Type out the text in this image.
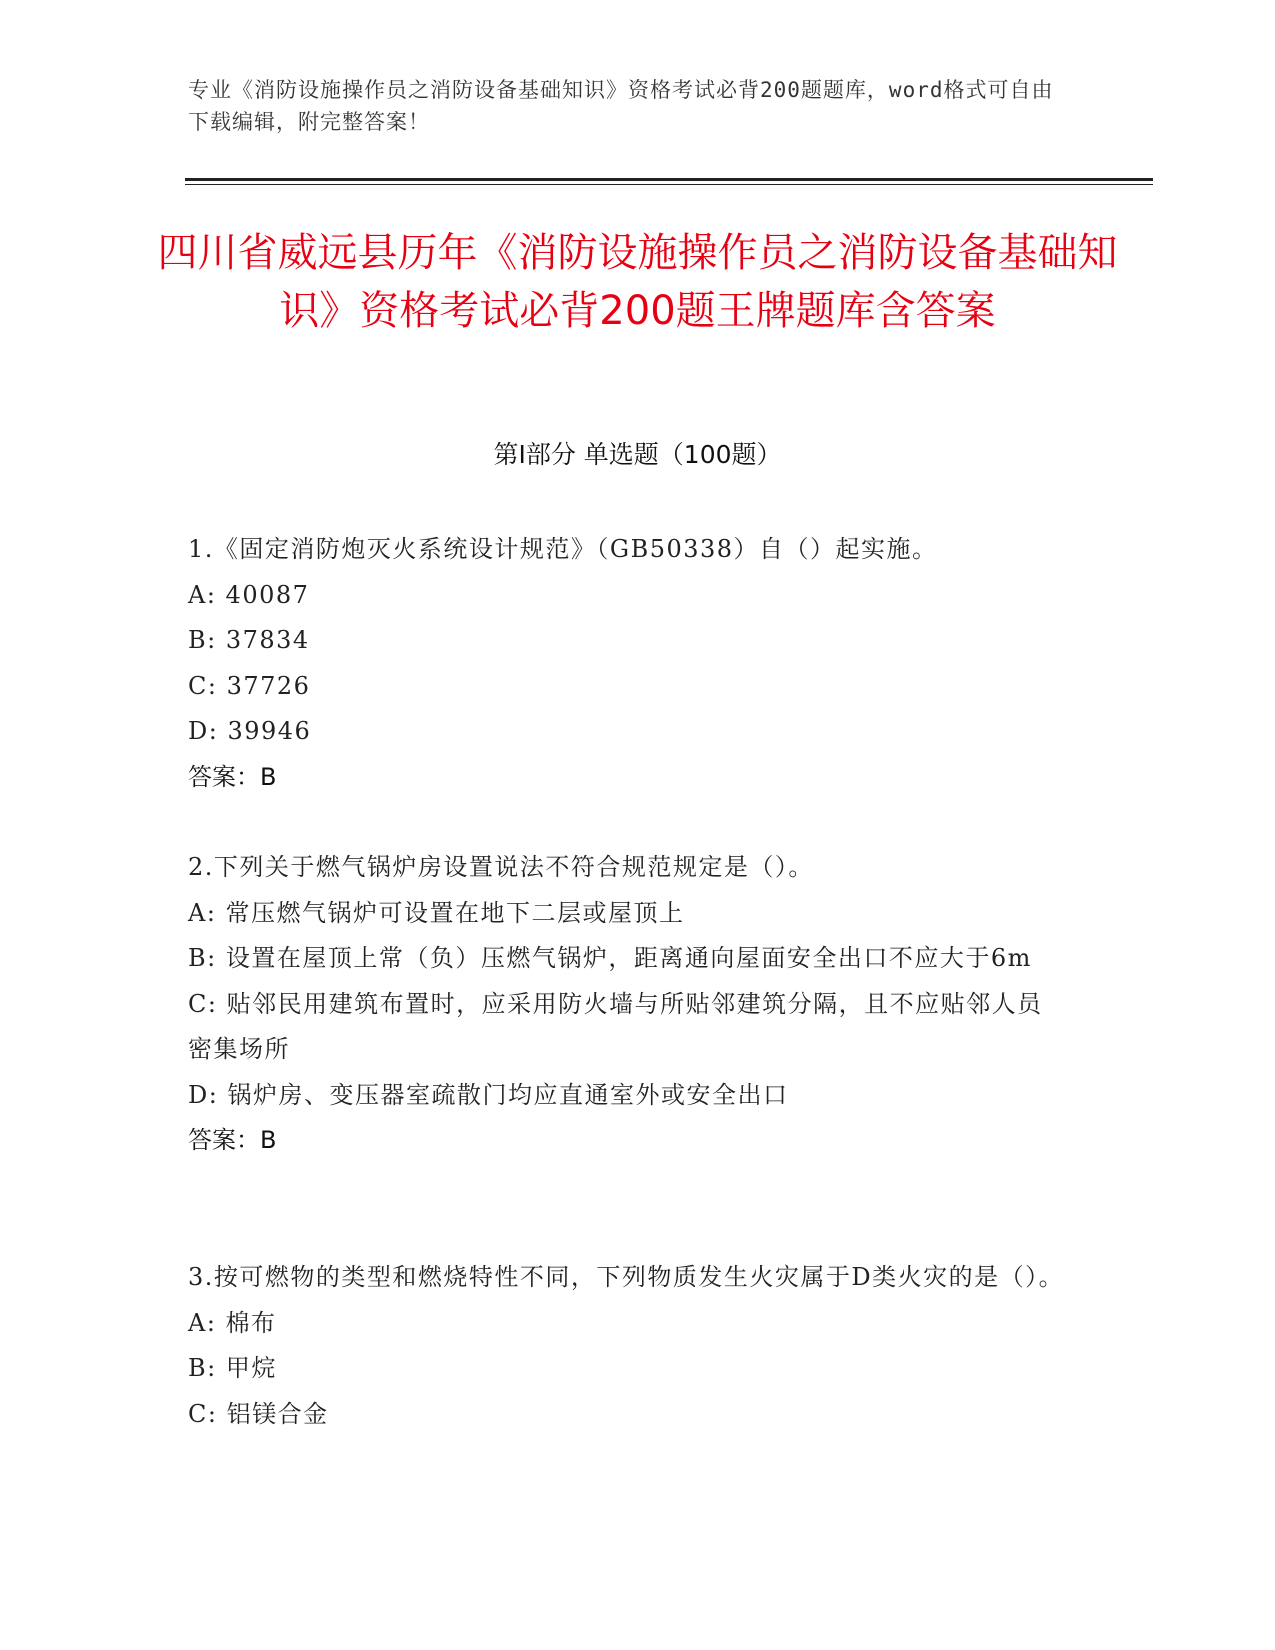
专业《消防设施操作员之消防设备基础知识》资格考试必背200题题库，word格式可自由下载编辑，附完整答案！
四川省威远县历年《消防设施操作员之消防设备基础知识》资格考试必背200题王牌题库含答案
第Ⅰ部分 单选题（100题）
1.《固定消防炮灭火系统设计规范》（GB50338）自（）起实施。
A: 40087
B: 37834
C: 37726
D: 39946
答案：B
2.下列关于燃气锅炉房设置说法不符合规范规定是（）。
A: 常压燃气锅炉可设置在地下二层或屋顶上
B: 设置在屋顶上常（负）压燃气锅炉，距离通向屋面安全出口不应大于6m
C: 贴邻民用建筑布置时，应采用防火墙与所贴邻建筑分隔，且不应贴邻人员密集场所
D: 锅炉房、变压器室疏散门均应直通室外或安全出口
答案：B
3.按可燃物的类型和燃烧特性不同，下列物质发生火灾属于D类火灾的是（）。
A: 棉布
B: 甲烷
C: 铝镁合金
